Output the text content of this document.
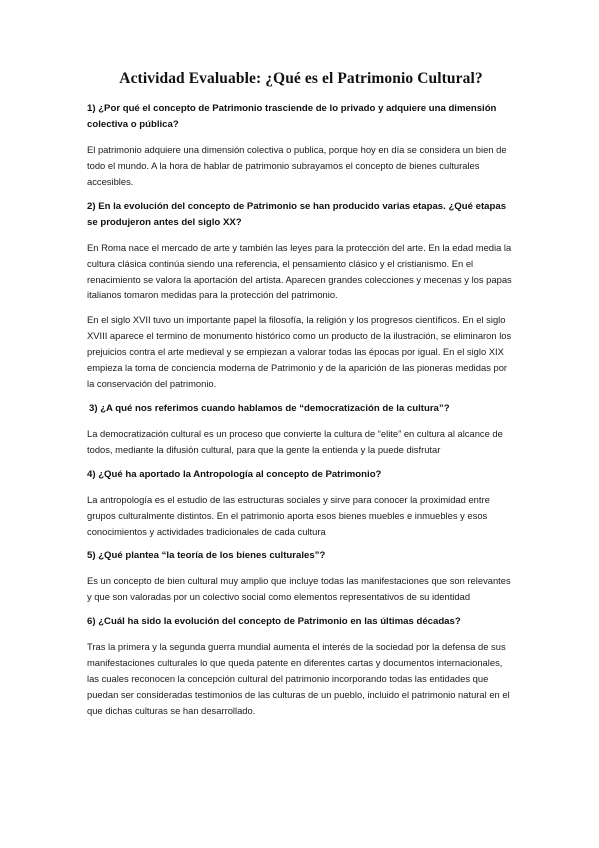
Actividad Evaluable: ¿Qué es el Patrimonio Cultural?

1) ¿Por qué el concepto de Patrimonio trasciende de lo privado y adquiere una dimensión colectiva o pública?

El patrimonio adquiere una dimensión colectiva o publica, porque hoy en día se considera un bien de todo el mundo. A la hora de hablar de patrimonio subrayamos el concepto de bienes culturales accesibles.

2) En la evolución del concepto de Patrimonio se han producido varias etapas. ¿Qué etapas se produjeron antes del siglo XX?

En Roma nace el mercado de arte y también las leyes para la protección del arte. En la edad media la cultura clásica continúa siendo una referencia, el pensamiento clásico y el cristianismo. En el renacimiento se valora la aportación del artista. Aparecen grandes colecciones y mecenas y los papas italianos tomaron medidas para la protección del patrimonio.

En el siglo XVII tuvo un importante papel la filosofía, la religión y los progresos científicos. En el siglo XVIII aparece el termino de monumento histórico como un producto de la ilustración, se eliminaron los prejuicios contra el arte medieval y se empiezan a valorar todas las épocas por igual. En el siglo XIX empieza la toma de conciencia moderna de Patrimonio y de la aparición de las pioneras medidas por la conservación del patrimonio.

3) ¿A qué nos referimos cuando hablamos de “democratización de la cultura”?

La democratización cultural es un proceso que convierte la cultura de “elite” en cultura al alcance de todos, mediante la difusión cultural, para que la gente la entienda y la puede disfrutar

4) ¿Qué ha aportado la Antropología al concepto de Patrimonio?

La antropología es el estudio de las estructuras sociales y sirve para conocer la proximidad entre grupos culturalmente distintos. En el patrimonio aporta esos bienes muebles e inmuebles y esos conocimientos y actividades tradicionales de cada cultura

5) ¿Qué plantea “la teoría de los bienes culturales”?

Es un concepto de bien cultural muy amplio que incluye todas las manifestaciones que son relevantes y que son valoradas por un colectivo social como elementos representativos de su identidad

6) ¿Cuál ha sido la evolución del concepto de Patrimonio en las últimas décadas?

Tras la primera y la segunda guerra mundial aumenta el interés de la sociedad por la defensa de sus manifestaciones culturales lo que queda patente en diferentes cartas y documentos internacionales, las cuales reconocen la concepción cultural del patrimonio incorporando todas las entidades que puedan ser consideradas testimonios de las culturas de un pueblo, incluido el patrimonio natural en el que dichas culturas se han desarrollado.
